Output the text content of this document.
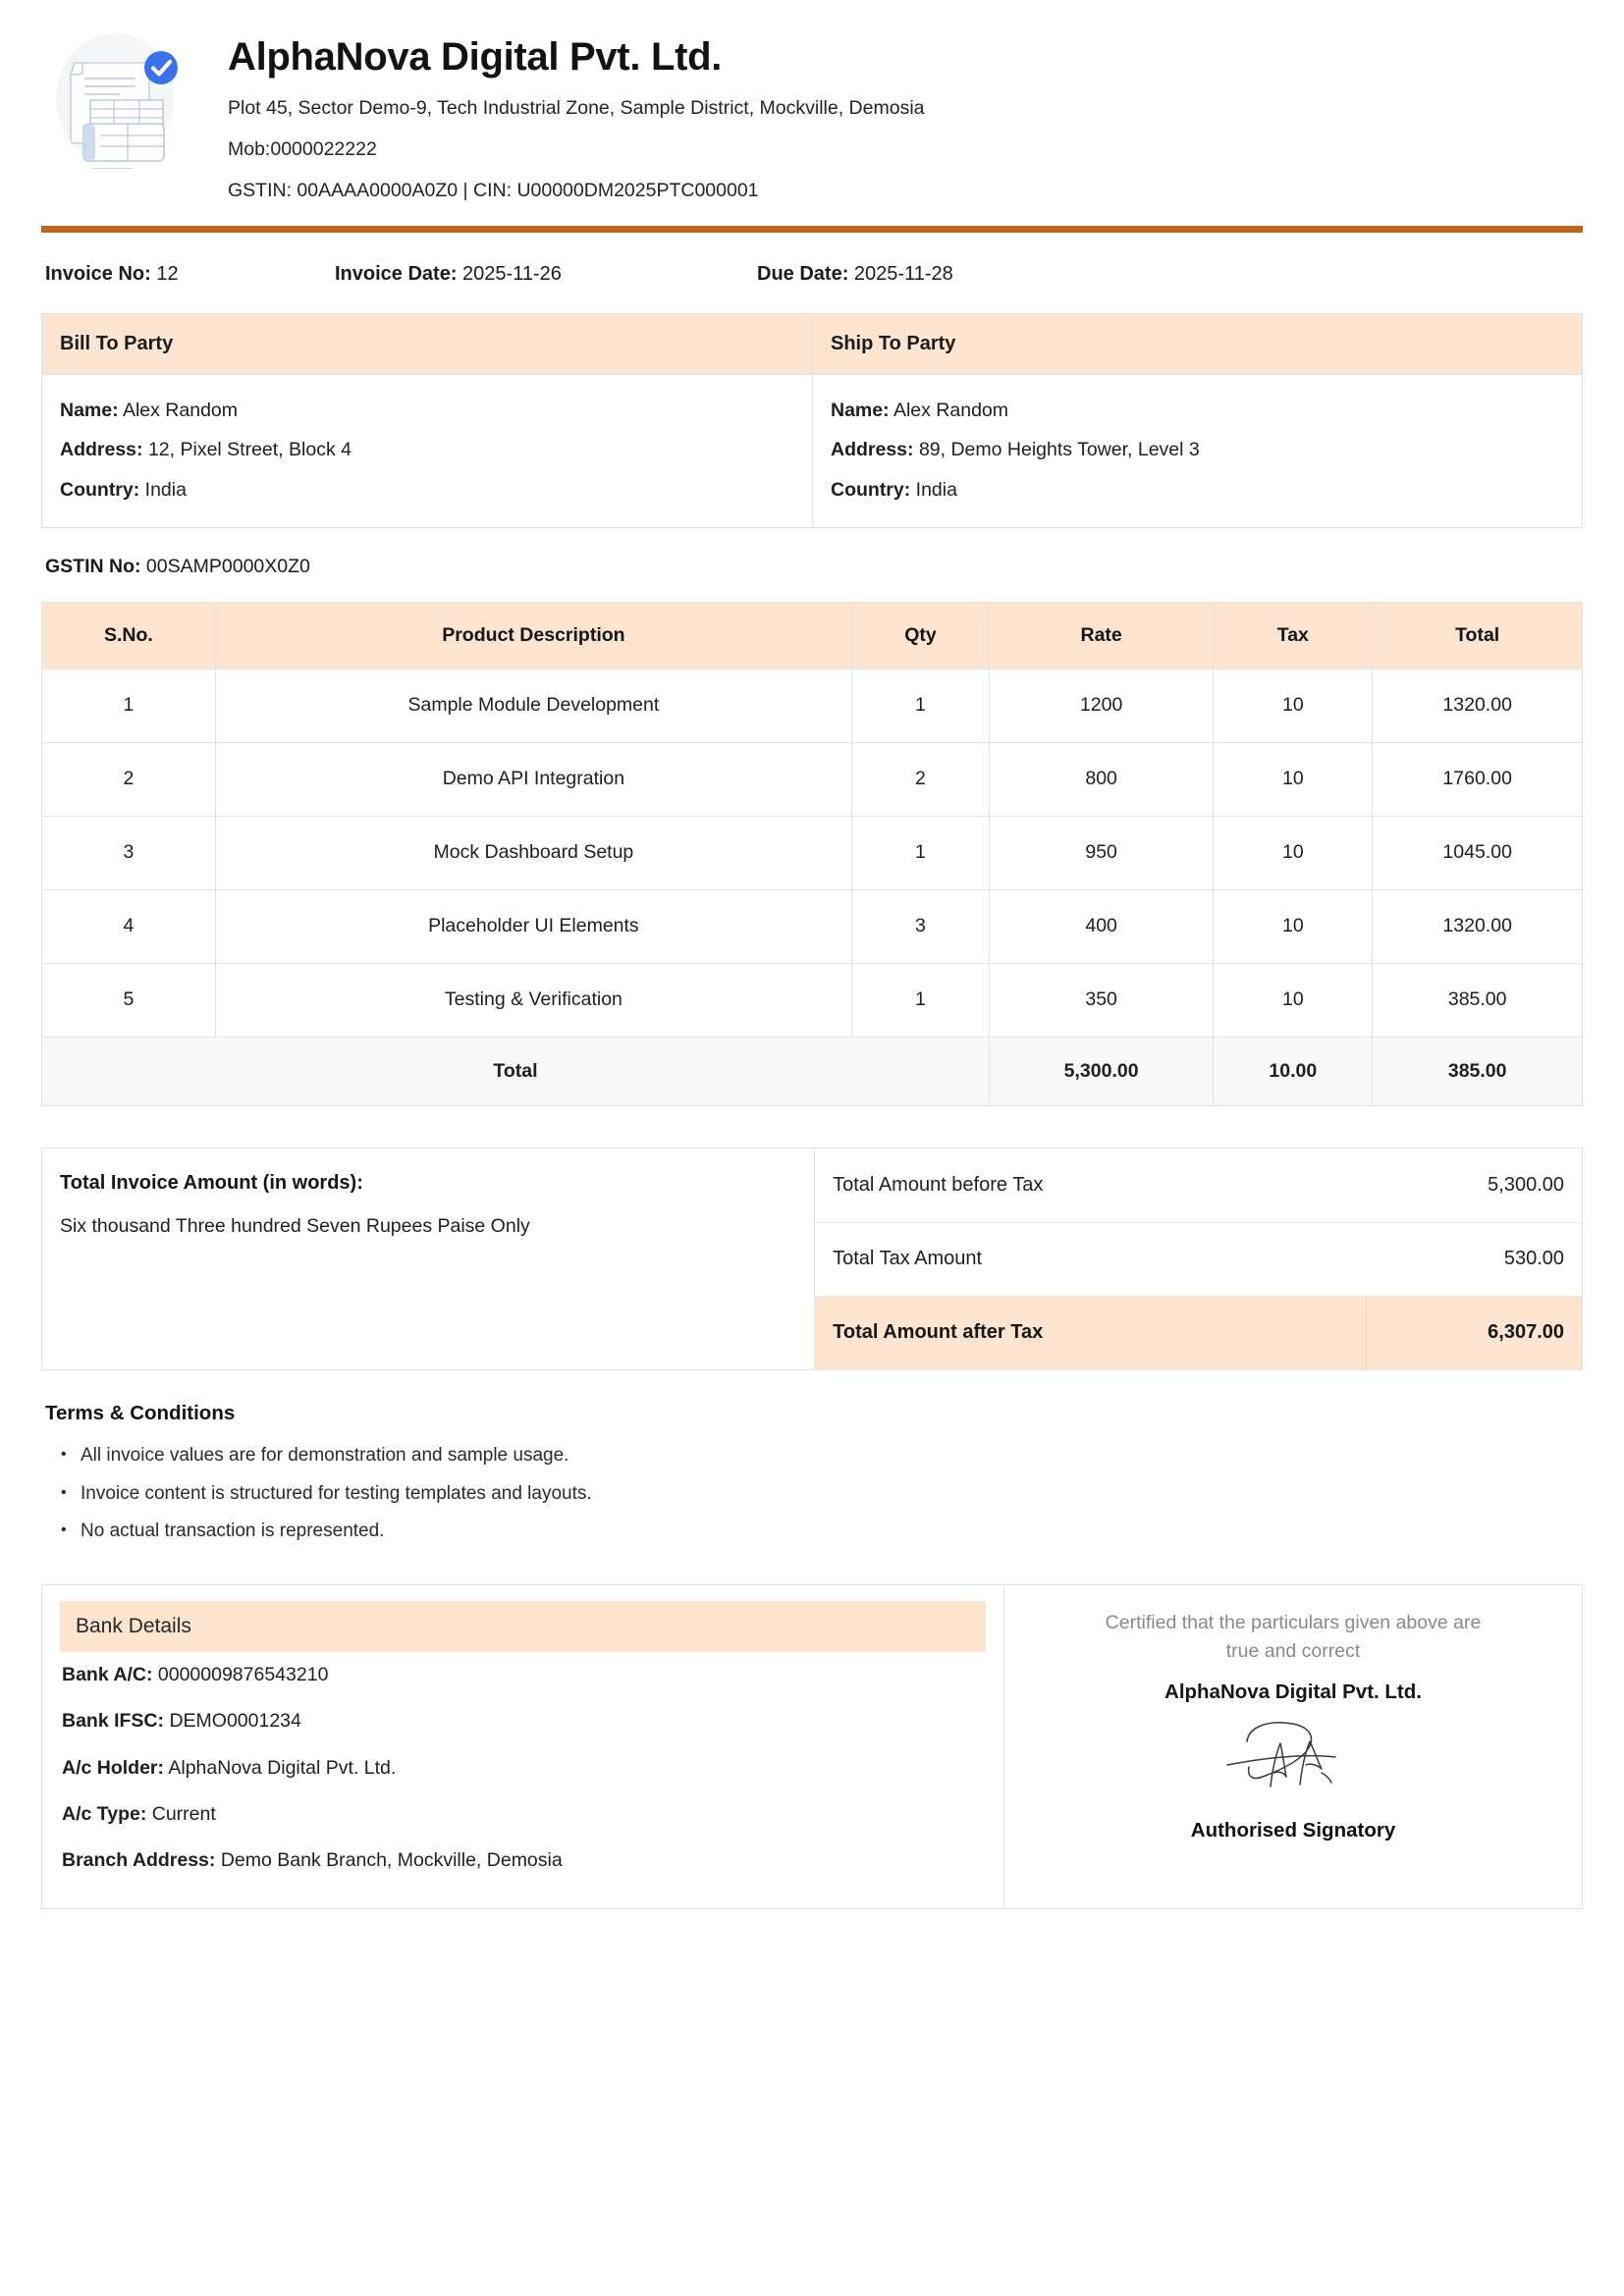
AlphaNova Digital Pvt. Ltd.
Plot 45, Sector Demo-9, Tech Industrial Zone, Sample District, Mockville, Demosia
Mob:0000022222
GSTIN: 00AAAA0000A0Z0 | CIN: U00000DM2025PTC000001
Invoice No: 12	Invoice Date: 2025-11-26	Due Date: 2025-11-28
Bill To Party
Name: Alex Random
Address: 12, Pixel Street, Block 4
Country: India
Ship To Party
Name: Alex Random
Address: 89, Demo Heights Tower, Level 3
Country: India
GSTIN No: 00SAMP0000X0Z0
S.No.	Product Description	Qty	Rate	Tax	Total
1	Sample Module Development	1	1200	10	1320.00
2	Demo API Integration	2	800	10	1760.00
3	Mock Dashboard Setup	1	950	10	1045.00
4	Placeholder UI Elements	3	400	10	1320.00
5	Testing & Verification	1	350	10	385.00
Total			5,300.00	10.00	385.00
Total Invoice Amount (in words):
Six thousand Three hundred Seven Rupees Paise Only
Total Amount before Tax	5,300.00
Total Tax Amount	530.00
Total Amount after Tax	6,307.00
Terms & Conditions
• All invoice values are for demonstration and sample usage.
• Invoice content is structured for testing templates and layouts.
• No actual transaction is represented.
Bank Details
Bank A/C: 0000009876543210
Bank IFSC: DEMO0001234
A/c Holder: AlphaNova Digital Pvt. Ltd.
A/c Type: Current
Branch Address: Demo Bank Branch, Mockville, Demosia
Certified that the particulars given above are true and correct
AlphaNova Digital Pvt. Ltd.
Authorised Signatory
